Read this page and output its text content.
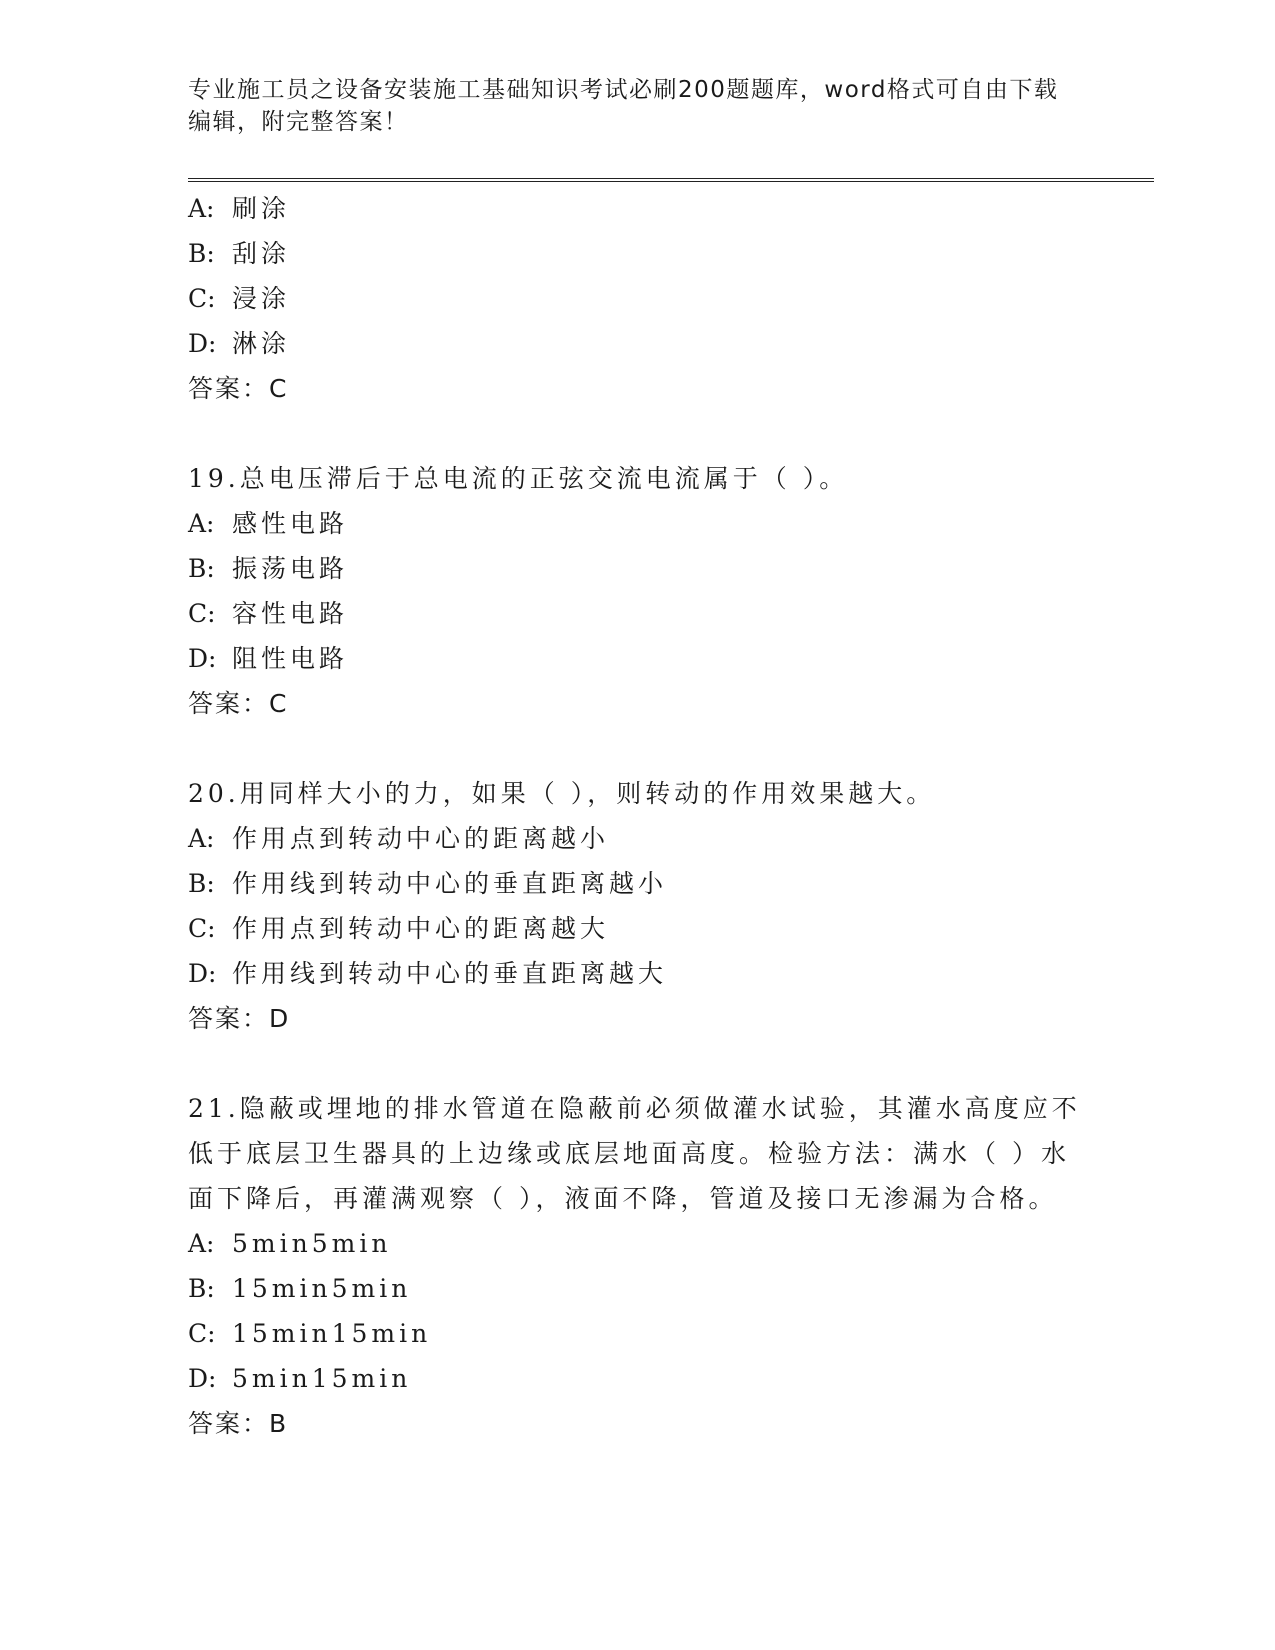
专业施工员之设备安装施工基础知识考试必刷200题题库，word格式可自由下载
编辑，附完整答案！
A: 刷涂
B: 刮涂
C: 浸涂
D: 淋涂
答案：C
19.总电压滞后于总电流的正弦交流电流属于（ ）。
A: 感性电路
B: 振荡电路
C: 容性电路
D: 阻性电路
答案：C
20.用同样大小的力，如果（ ），则转动的作用效果越大。
A: 作用点到转动中心的距离越小
B: 作用线到转动中心的垂直距离越小
C: 作用点到转动中心的距离越大
D: 作用线到转动中心的垂直距离越大
答案：D
21.隐蔽或埋地的排水管道在隐蔽前必须做灌水试验，其灌水高度应不
低于底层卫生器具的上边缘或底层地面高度。检验方法：满水（ ）水
面下降后，再灌满观察（ ），液面不降，管道及接口无渗漏为合格。
A: 5min5min
B: 15min5min
C: 15min15min
D: 5min15min
答案：B
